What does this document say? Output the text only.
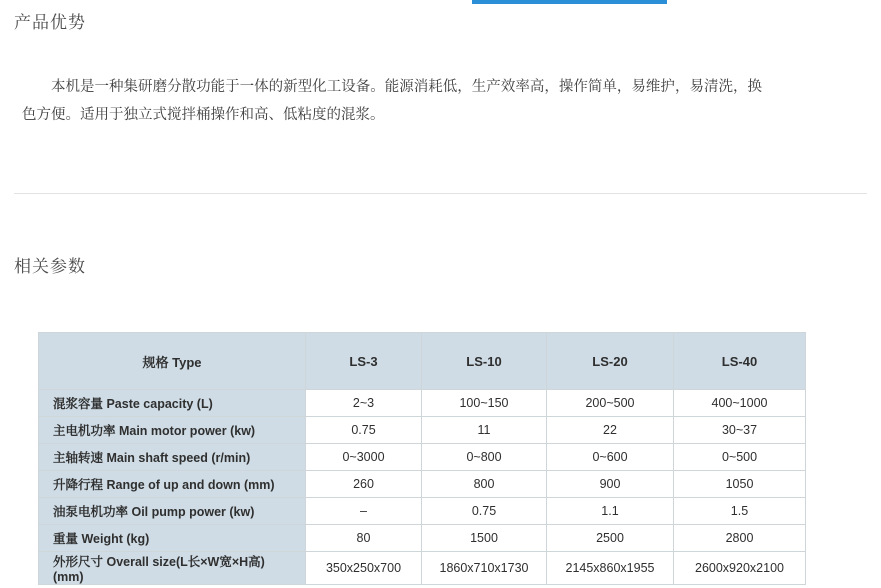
产品优势

本机是一种集研磨分散功能于一体的新型化工设备。能源消耗低，生产效率高，操作简单，易维护，易清洗，换色方便。适用于独立式搅拌桶操作和高、低粘度的混浆。

相关参数
规格 Type	LS-3	LS-10	LS-20	LS-40
混浆容量 Paste capacity (L)	2~3	100~150	200~500	400~1000
主电机功率 Main motor power (kw)	0.75	11	22	30~37
主轴转速 Main shaft speed (r/min)	0~3000	0~800	0~600	0~500
升降行程 Range of up and down (mm)	260	800	900	1050
油泵电机功率 Oil pump power (kw)	–	0.75	1.1	1.5
重量 Weight (kg)	80	1500	2500	2800
外形尺寸 Overall size(L长×W宽×H高) (mm)	350x250x700	1860x710x1730	2145x860x1955	2600x920x2100
